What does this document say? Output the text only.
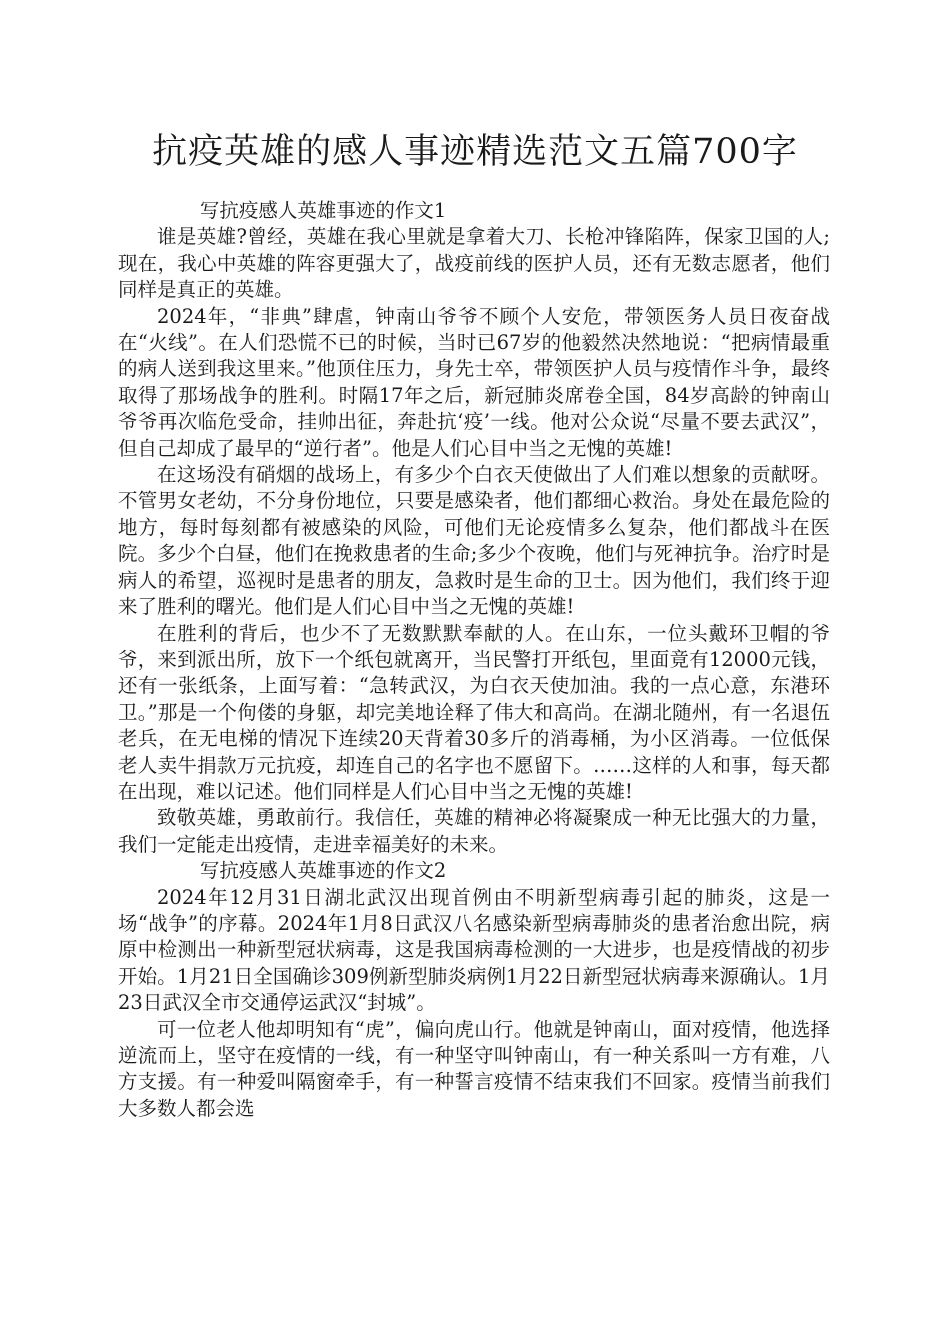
抗疫英雄的感人事迹精选范文五篇700字

写抗疫感人英雄事迹的作文1

谁是英雄?曾经，英雄在我心里就是拿着大刀、长枪冲锋陷阵，保家卫国的人;现在，我心中英雄的阵容更强大了，战疫前线的医护人员，还有无数志愿者，他们同样是真正的英雄。

2024年，“非典”肆虐，钟南山爷爷不顾个人安危，带领医务人员日夜奋战在“火线”。在人们恐慌不已的时候，当时已67岁的他毅然决然地说：“把病情最重的病人送到我这里来。”他顶住压力，身先士卒，带领医护人员与疫情作斗争，最终取得了那场战争的胜利。时隔17年之后，新冠肺炎席卷全国，84岁高龄的钟南山爷爷再次临危受命，挂帅出征，奔赴抗‘疫’一线。他对公众说“尽量不要去武汉”，但自己却成了最早的“逆行者”。他是人们心目中当之无愧的英雄!

在这场没有硝烟的战场上，有多少个白衣天使做出了人们难以想象的贡献呀。不管男女老幼，不分身份地位，只要是感染者，他们都细心救治。身处在最危险的地方，每时每刻都有被感染的风险，可他们无论疫情多么复杂，他们都战斗在医院。多少个白昼，他们在挽救患者的生命;多少个夜晚，他们与死神抗争。治疗时是病人的希望，巡视时是患者的朋友，急救时是生命的卫士。因为他们，我们终于迎来了胜利的曙光。他们是人们心目中当之无愧的英雄!

在胜利的背后，也少不了无数默默奉献的人。在山东，一位头戴环卫帽的爷爷，来到派出所，放下一个纸包就离开，当民警打开纸包，里面竟有12000元钱，还有一张纸条，上面写着：“急转武汉，为白衣天使加油。我的一点心意，东港环卫。”那是一个佝偻的身躯，却完美地诠释了伟大和高尚。在湖北随州，有一名退伍老兵，在无电梯的情况下连续20天背着30多斤的消毒桶，为小区消毒。一位低保老人卖牛捐款万元抗疫，却连自己的名字也不愿留下。……这样的人和事，每天都在出现，难以记述。他们同样是人们心目中当之无愧的英雄!

致敬英雄，勇敢前行。我信任，英雄的精神必将凝聚成一种无比强大的力量，我们一定能走出疫情，走进幸福美好的未来。

写抗疫感人英雄事迹的作文2

2024年12月31日湖北武汉出现首例由不明新型病毒引起的肺炎，这是一场“战争”的序幕。2024年1月8日武汉八名感染新型病毒肺炎的患者治愈出院，病原中检测出一种新型冠状病毒，这是我国病毒检测的一大进步，也是疫情战的初步开始。1月21日全国确诊309例新型肺炎病例1月22日新型冠状病毒来源确认。1月23日武汉全市交通停运武汉“封城”。

可一位老人他却明知有“虎”，偏向虎山行。他就是钟南山，面对疫情，他选择逆流而上，坚守在疫情的一线，有一种坚守叫钟南山，有一种关系叫一方有难，八方支援。有一种爱叫隔窗牵手，有一种誓言疫情不结束我们不回家。疫情当前我们大多数人都会选
